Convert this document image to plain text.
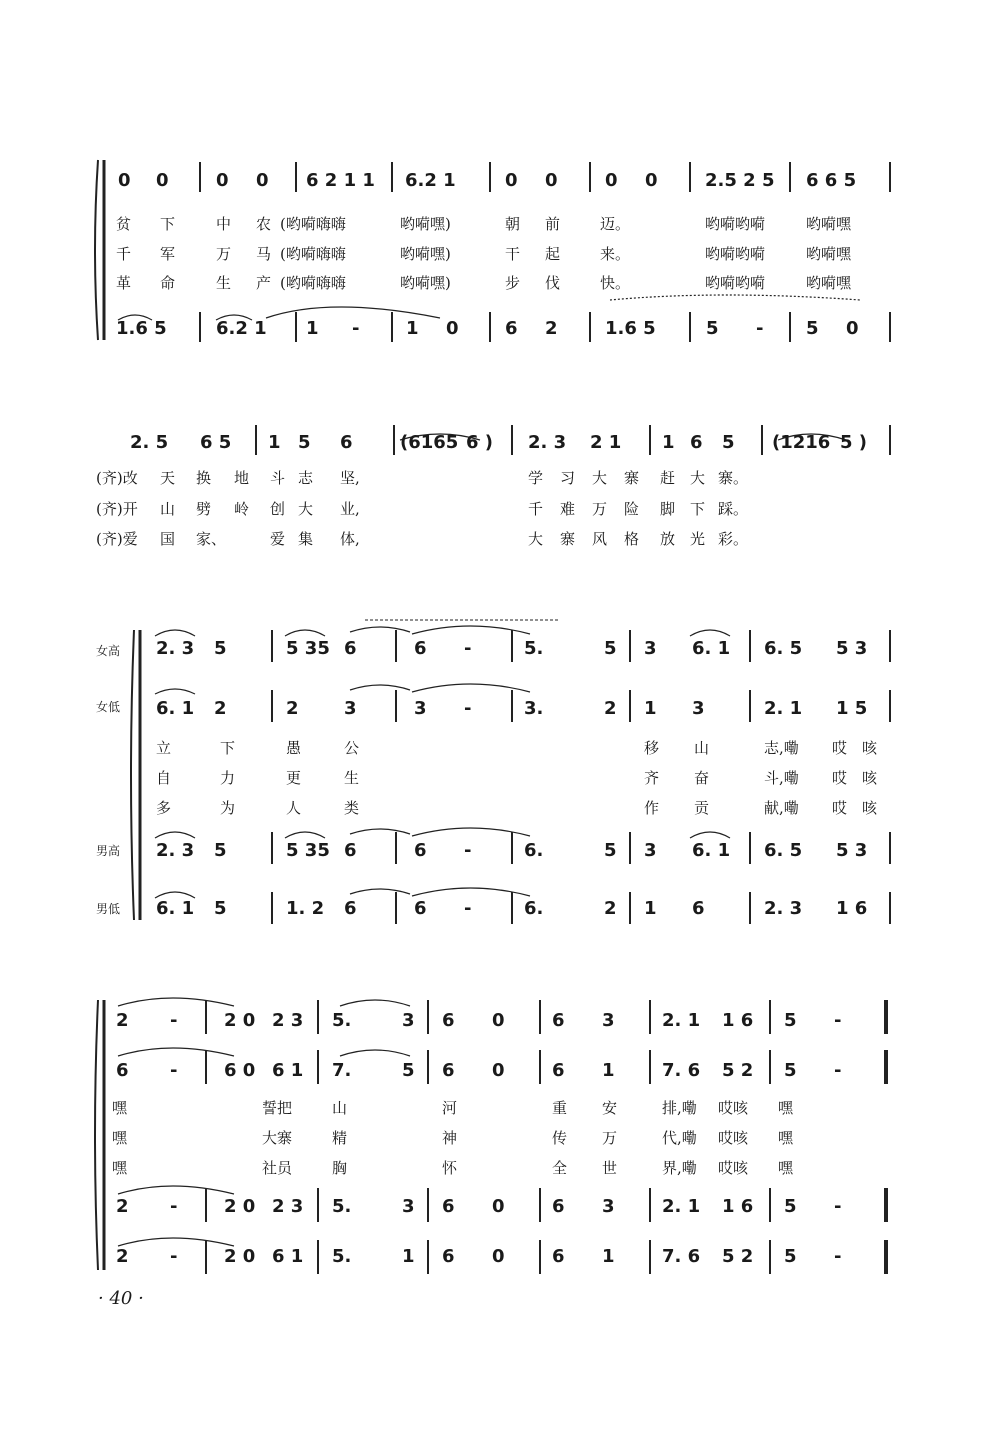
0 0	0 0 6 2 1 1 6.2 1	0 0	0 0	2.5 2 5 6 6 5
贫 下	中 农 (哟嗬嗨嗨	哟嗬嘿)	朝 前	迈。	哟嗬哟嗬	哟嗬嘿
千 军	万 马 (哟嗬嗨嗨	哟嗬嘿)	干 起	来。	哟嗬哟嗬	哟嗬嘿
革 命	生 产 (哟嗬嗨嗨	哟嗬嘿)	步 伐	快。	哟嗬哟嗬	哟嗬嘿
1.6 5	6.2 1 1 -	1 0	6 2	1.6 5	5 - 5 0
2. 5 6 5 1 5 6	(6165 6 ) 2. 3 2 1 1 6 5 (1216 5 )
(齐)改 天 换 地 斗 志 坚,	学 习 大 寨 赶 大 寨。
(齐)开 山 劈 岭 创 大 业,	千 难 万 险 脚 下 踩。
(齐)爱 国 家、	爱 集 体,	大 寨 风 格 放 光 彩。
女高
女低
男高
男低
2. 3 5	5 35 6	6 -	5.	5 3 6. 1 6. 5 5 3
6. 1 2	2	3	3 -	3.	2 1 3	2. 1 1 5
立	下	愚	公	移 山	志,嘞 哎 咳
自	力	更	生	齐 奋	斗,嘞 哎 咳
多	为	人	类	作 贡	献,嘞 哎 咳
2. 3 5	5 35 6	6 -	6.	5 3 6. 1 6. 5 5 3
6. 1 5	1. 2 6	6 -	6.	2 1 6	2. 3 1 6
2 -	2 0 2 3 5.	3 6 0	6 3	2. 1 1 6 5 -
6 -	6 0 6 1 7.	5 6 0	6 1	7. 6 5 2 5 -
嘿	誓把	山	河	重 安	排,嘞 哎咳 嘿
嘿	大寨	精	神	传 万	代,嘞 哎咳 嘿
嘿	社员	胸	怀	全 世	界,嘞 哎咳 嘿
2 -	2 0 2 3 5.	3 6 0	6 3	2. 1 1 6 5 -
2 -	2 0 6 1 5.	1 6 0	6 1	7. 6 5 2 5 -
· 40 ·
